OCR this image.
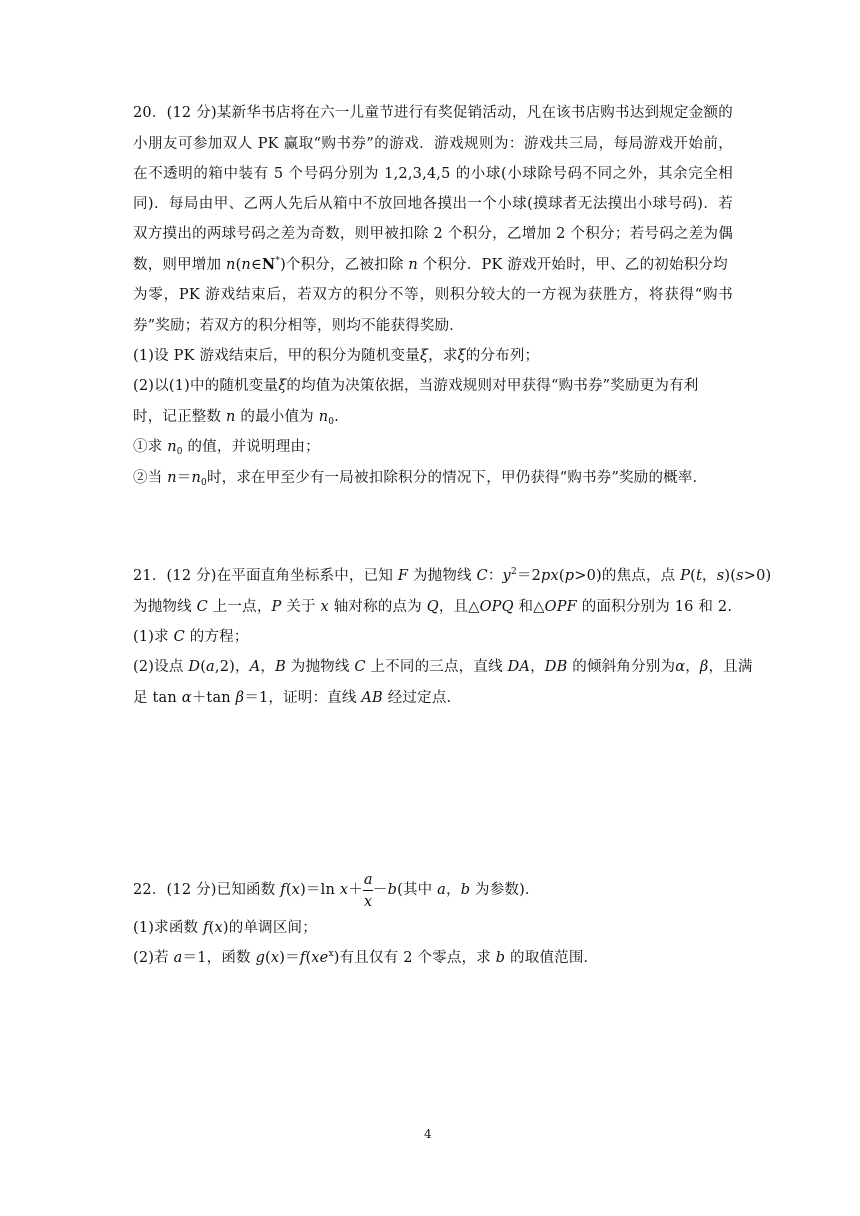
20．(12 分)某新华书店将在六一儿童节进行有奖促销活动，凡在该书店购书达到规定金额的
小朋友可参加双人 PK 赢取“购书券”的游戏．游戏规则为：游戏共三局，每局游戏开始前，
在不透明的箱中装有 5 个号码分别为 1,2,3,4,5 的小球(小球除号码不同之外，其余完全相
同)．每局由甲、乙两人先后从箱中不放回地各摸出一个小球(摸球者无法摸出小球号码)．若
双方摸出的两球号码之差为奇数，则甲被扣除 2 个积分，乙增加 2 个积分；若号码之差为偶
数，则甲增加 n(n∈N*)个积分，乙被扣除 n 个积分．PK 游戏开始时，甲、乙的初始积分均
为零，PK 游戏结束后，若双方的积分不等，则积分较大的一方视为获胜方，将获得“购书
券”奖励；若双方的积分相等，则均不能获得奖励．
(1)设 PK 游戏结束后，甲的积分为随机变量ξ，求ξ的分布列；
(2)以(1)中的随机变量ξ的均值为决策依据，当游戏规则对甲获得“购书券”奖励更为有利
时，记正整数 n 的最小值为 $n_0$.
①求 $n_0$ 的值，并说明理由；
②当 $n=n_0$时，求在甲至少有一局被扣除积分的情况下，甲仍获得“购书券”奖励的概率．
21．(12 分)在平面直角坐标系中，已知 F 为抛物线 C：$y^2=2px(p>0)$的焦点，点 P(t，s)(s>0)
为抛物线 C 上一点，P 关于 x 轴对称的点为 Q，且△OPQ 和△OPF 的面积分别为 16 和 2.
(1)求 C 的方程；
(2)设点 D(a,2)，A，B 为抛物线 C 上不同的三点，直线 DA，DB 的倾斜角分别为α，β，且满
足 tan α＋tan β＝1，证明：直线 AB 经过定点．
22．(12 分)已知函数 f(x)＝ln $x+ \frac{a}{x} -b$(其中 a，b 为参数)．
(1)求函数 f(x)的单调区间；
(2)若 a＝1，函数 $g(x)=f(xe^x)$有且仅有 2 个零点，求 b 的取值范围．
4
